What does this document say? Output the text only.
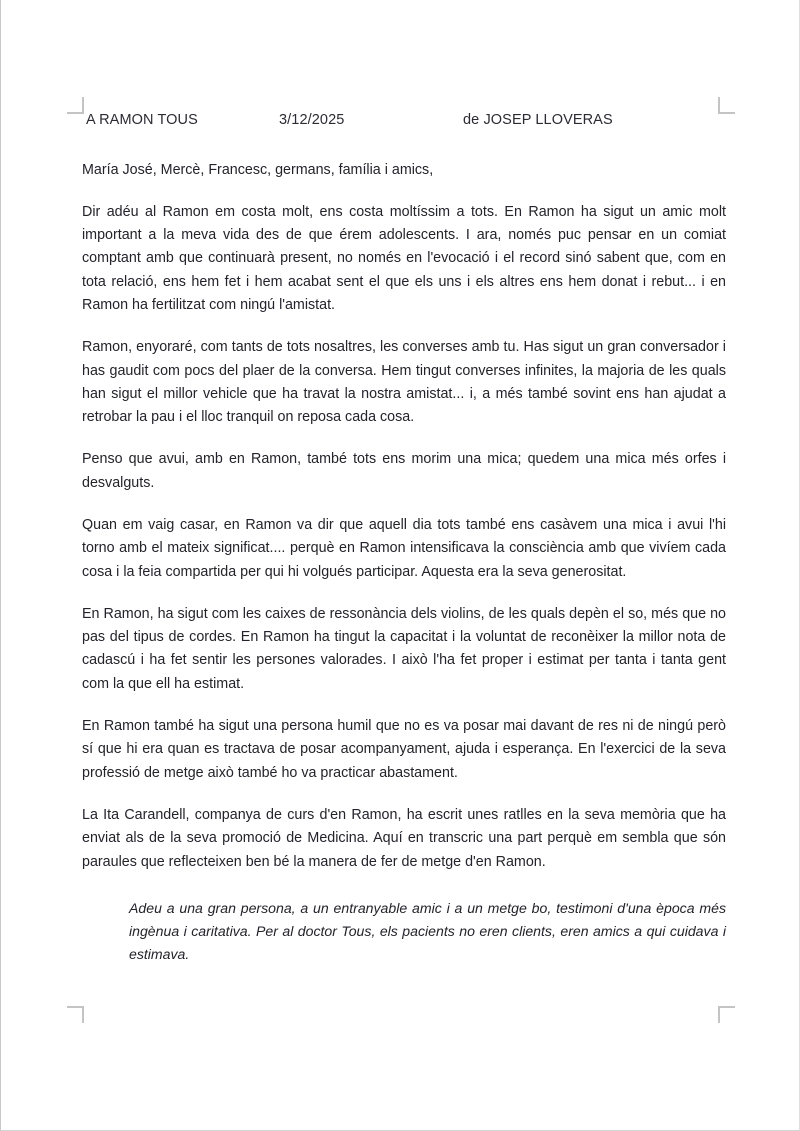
A RAMON TOUS	3/12/2025	de JOSEP LLOVERAS

María José, Mercè, Francesc, germans, família i amics,

Dir adéu al Ramon em costa molt, ens costa moltíssim a tots. En Ramon ha sigut un amic molt important a la meva vida des de que érem adolescents. I ara, només puc pensar en un comiat comptant amb que continuarà present, no només en l'evocació i el record sinó sabent que, com en tota relació, ens hem fet i hem acabat sent el que els uns i els altres ens hem donat i rebut... i en Ramon ha fertilitzat com ningú l'amistat.

Ramon, enyoraré, com tants de tots nosaltres, les converses amb tu. Has sigut un gran conversador i has gaudit com pocs del plaer de la conversa. Hem tingut converses infinites, la majoria de les quals han sigut el millor vehicle que ha travat la nostra amistat... i, a més també sovint ens han ajudat a retrobar la pau i el lloc tranquil on reposa cada cosa.

Penso que avui, amb en Ramon, també tots ens morim una mica; quedem una mica més orfes i desvalguts.

Quan em vaig casar, en Ramon va dir que aquell dia tots també ens casàvem una mica i avui l'hi torno amb el mateix significat.... perquè en Ramon intensificava la consciència amb que vivíem cada cosa i la feia compartida per qui hi volgués participar. Aquesta era la seva generositat.

En Ramon, ha sigut com les caixes de ressonància dels violins, de les quals depèn el so, més que no pas del tipus de cordes. En Ramon ha tingut la capacitat i la voluntat de reconèixer la millor nota de cadascú i ha fet sentir les persones valorades. I això l'ha fet proper i estimat per tanta i tanta gent com la que ell ha estimat.

En Ramon també ha sigut una persona humil que no es va posar mai davant de res ni de ningú però sí que hi era quan es tractava de posar acompanyament, ajuda i esperança. En l'exercici de la seva professió de metge això també ho va practicar abastament.

La Ita Carandell, companya de curs d'en Ramon, ha escrit unes ratlles en la seva memòria que ha enviat als de la seva promoció de Medicina. Aquí en transcric una part perquè em sembla que són paraules que reflecteixen ben bé la manera de fer de metge d'en Ramon.

Adeu a una gran persona, a un entranyable amic i a un metge bo, testimoni d'una època més ingènua i caritativa. Per al doctor Tous, els pacients no eren clients, eren amics a qui cuidava i estimava.
